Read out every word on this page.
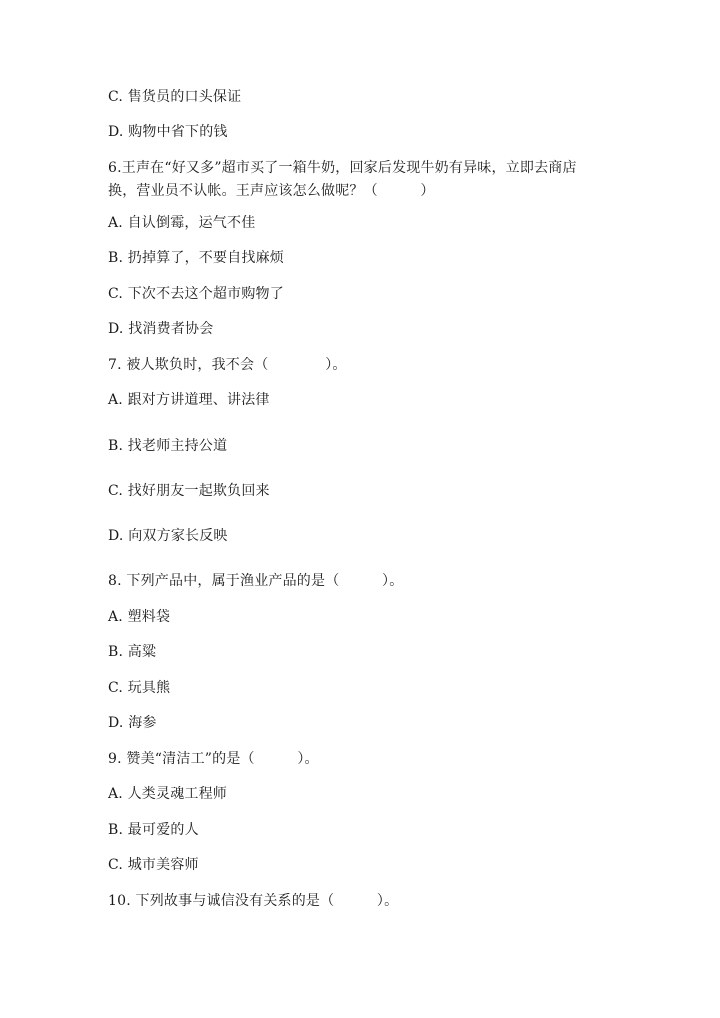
C. 售货员的口头保证
D. 购物中省下的钱
6.王声在“好又多”超市买了一箱牛奶，回家后发现牛奶有异味，立即去商店
换，营业员不认帐。王声应该怎么做呢？（　　　）
A. 自认倒霉，运气不佳
B. 扔掉算了，不要自找麻烦
C. 下次不去这个超市购物了
D. 找消费者协会
7. 被人欺负时，我不会（　　　　）。
A. 跟对方讲道理、讲法律
B. 找老师主持公道
C. 找好朋友一起欺负回来
D. 向双方家长反映
8. 下列产品中，属于渔业产品的是（　　　）。
A. 塑料袋
B. 高粱
C. 玩具熊
D. 海参
9. 赞美“清洁工”的是（　　　）。
A. 人类灵魂工程师
B. 最可爱的人
C. 城市美容师
10. 下列故事与诚信没有关系的是（　　　）。
